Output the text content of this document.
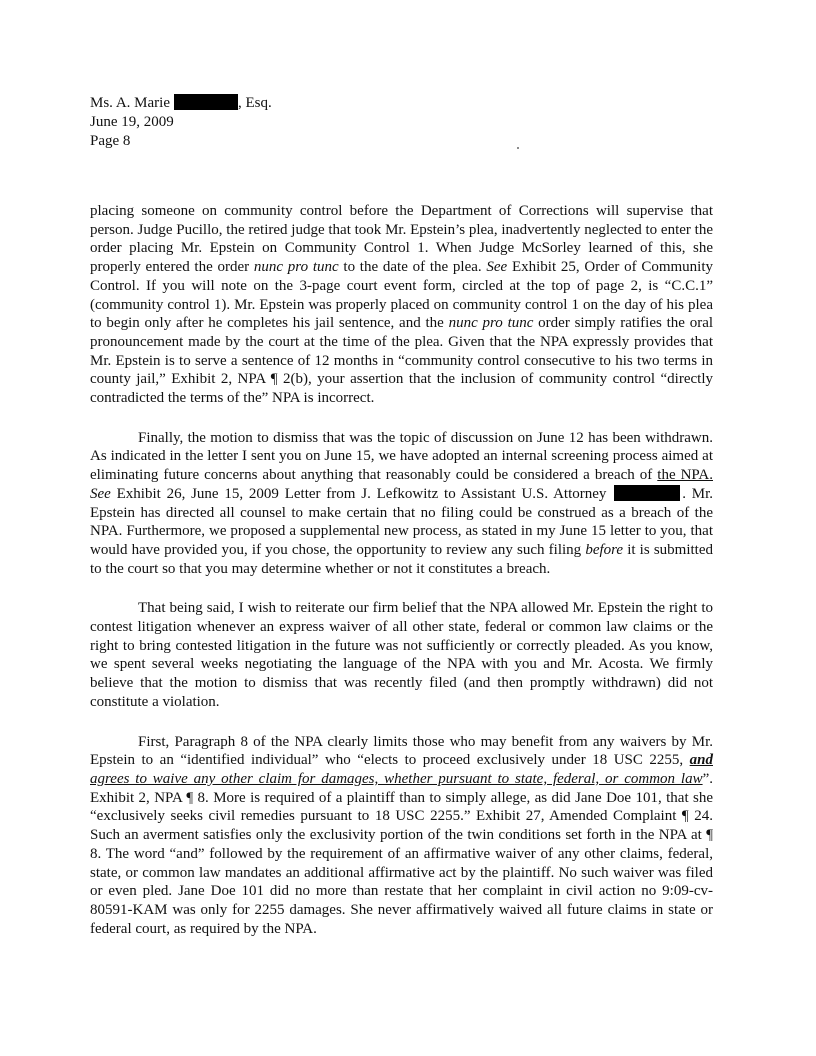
Ms. A. Marie	, Esq.
June 19, 2009
Page 8

placing someone on community control before the Department of Corrections will supervise that person. Judge Pucillo, the retired judge that took Mr. Epstein’s plea, inadvertently neglected to enter the order placing Mr. Epstein on Community Control 1. When Judge McSorley learned of this, she properly entered the order nunc pro tunc to the date of the plea. See Exhibit 25, Order of Community Control. If you will note on the 3-page court event form, circled at the top of page 2, is “C.C.1” (community control 1). Mr. Epstein was properly placed on community control 1 on the day of his plea to begin only after he completes his jail sentence, and the nunc pro tunc order simply ratifies the oral pronouncement made by the court at the time of the plea. Given that the NPA expressly provides that Mr. Epstein is to serve a sentence of 12 months in “community control consecutive to his two terms in county jail,” Exhibit 2, NPA ¶ 2(b), your assertion that the inclusion of community control “directly contradicted the terms of the” NPA is incorrect.

Finally, the motion to dismiss that was the topic of discussion on June 12 has been withdrawn. As indicated in the letter I sent you on June 15, we have adopted an internal screening process aimed at eliminating future concerns about anything that reasonably could be considered a breach of the NPA. See Exhibit 26, June 15, 2009 Letter from J. Lefkowitz to Assistant U.S. Attorney	. Mr. Epstein has directed all counsel to make certain that no filing could be construed as a breach of the NPA. Furthermore, we proposed a supplemental new process, as stated in my June 15 letter to you, that would have provided you, if you chose, the opportunity to review any such filing before it is submitted to the court so that you may determine whether or not it constitutes a breach.

That being said, I wish to reiterate our firm belief that the NPA allowed Mr. Epstein the right to contest litigation whenever an express waiver of all other state, federal or common law claims or the right to bring contested litigation in the future was not sufficiently or correctly pleaded. As you know, we spent several weeks negotiating the language of the NPA with you and Mr. Acosta. We firmly believe that the motion to dismiss that was recently filed (and then promptly withdrawn) did not constitute a violation.

First, Paragraph 8 of the NPA clearly limits those who may benefit from any waivers by Mr. Epstein to an “identified individual” who “elects to proceed exclusively under 18 USC 2255, and agrees to waive any other claim for damages, whether pursuant to state, federal, or common law”. Exhibit 2, NPA ¶ 8. More is required of a plaintiff than to simply allege, as did Jane Doe 101, that she “exclusively seeks civil remedies pursuant to 18 USC 2255.” Exhibit 27, Amended Complaint ¶ 24. Such an averment satisfies only the exclusivity portion of the twin conditions set forth in the NPA at ¶ 8. The word “and” followed by the requirement of an affirmative waiver of any other claims, federal, state, or common law mandates an additional affirmative act by the plaintiff. No such waiver was filed or even pled. Jane Doe 101 did no more than restate that her complaint in civil action no 9:09-cv-80591-KAM was only for 2255 damages. She never affirmatively waived all future claims in state or federal court, as required by the NPA.
